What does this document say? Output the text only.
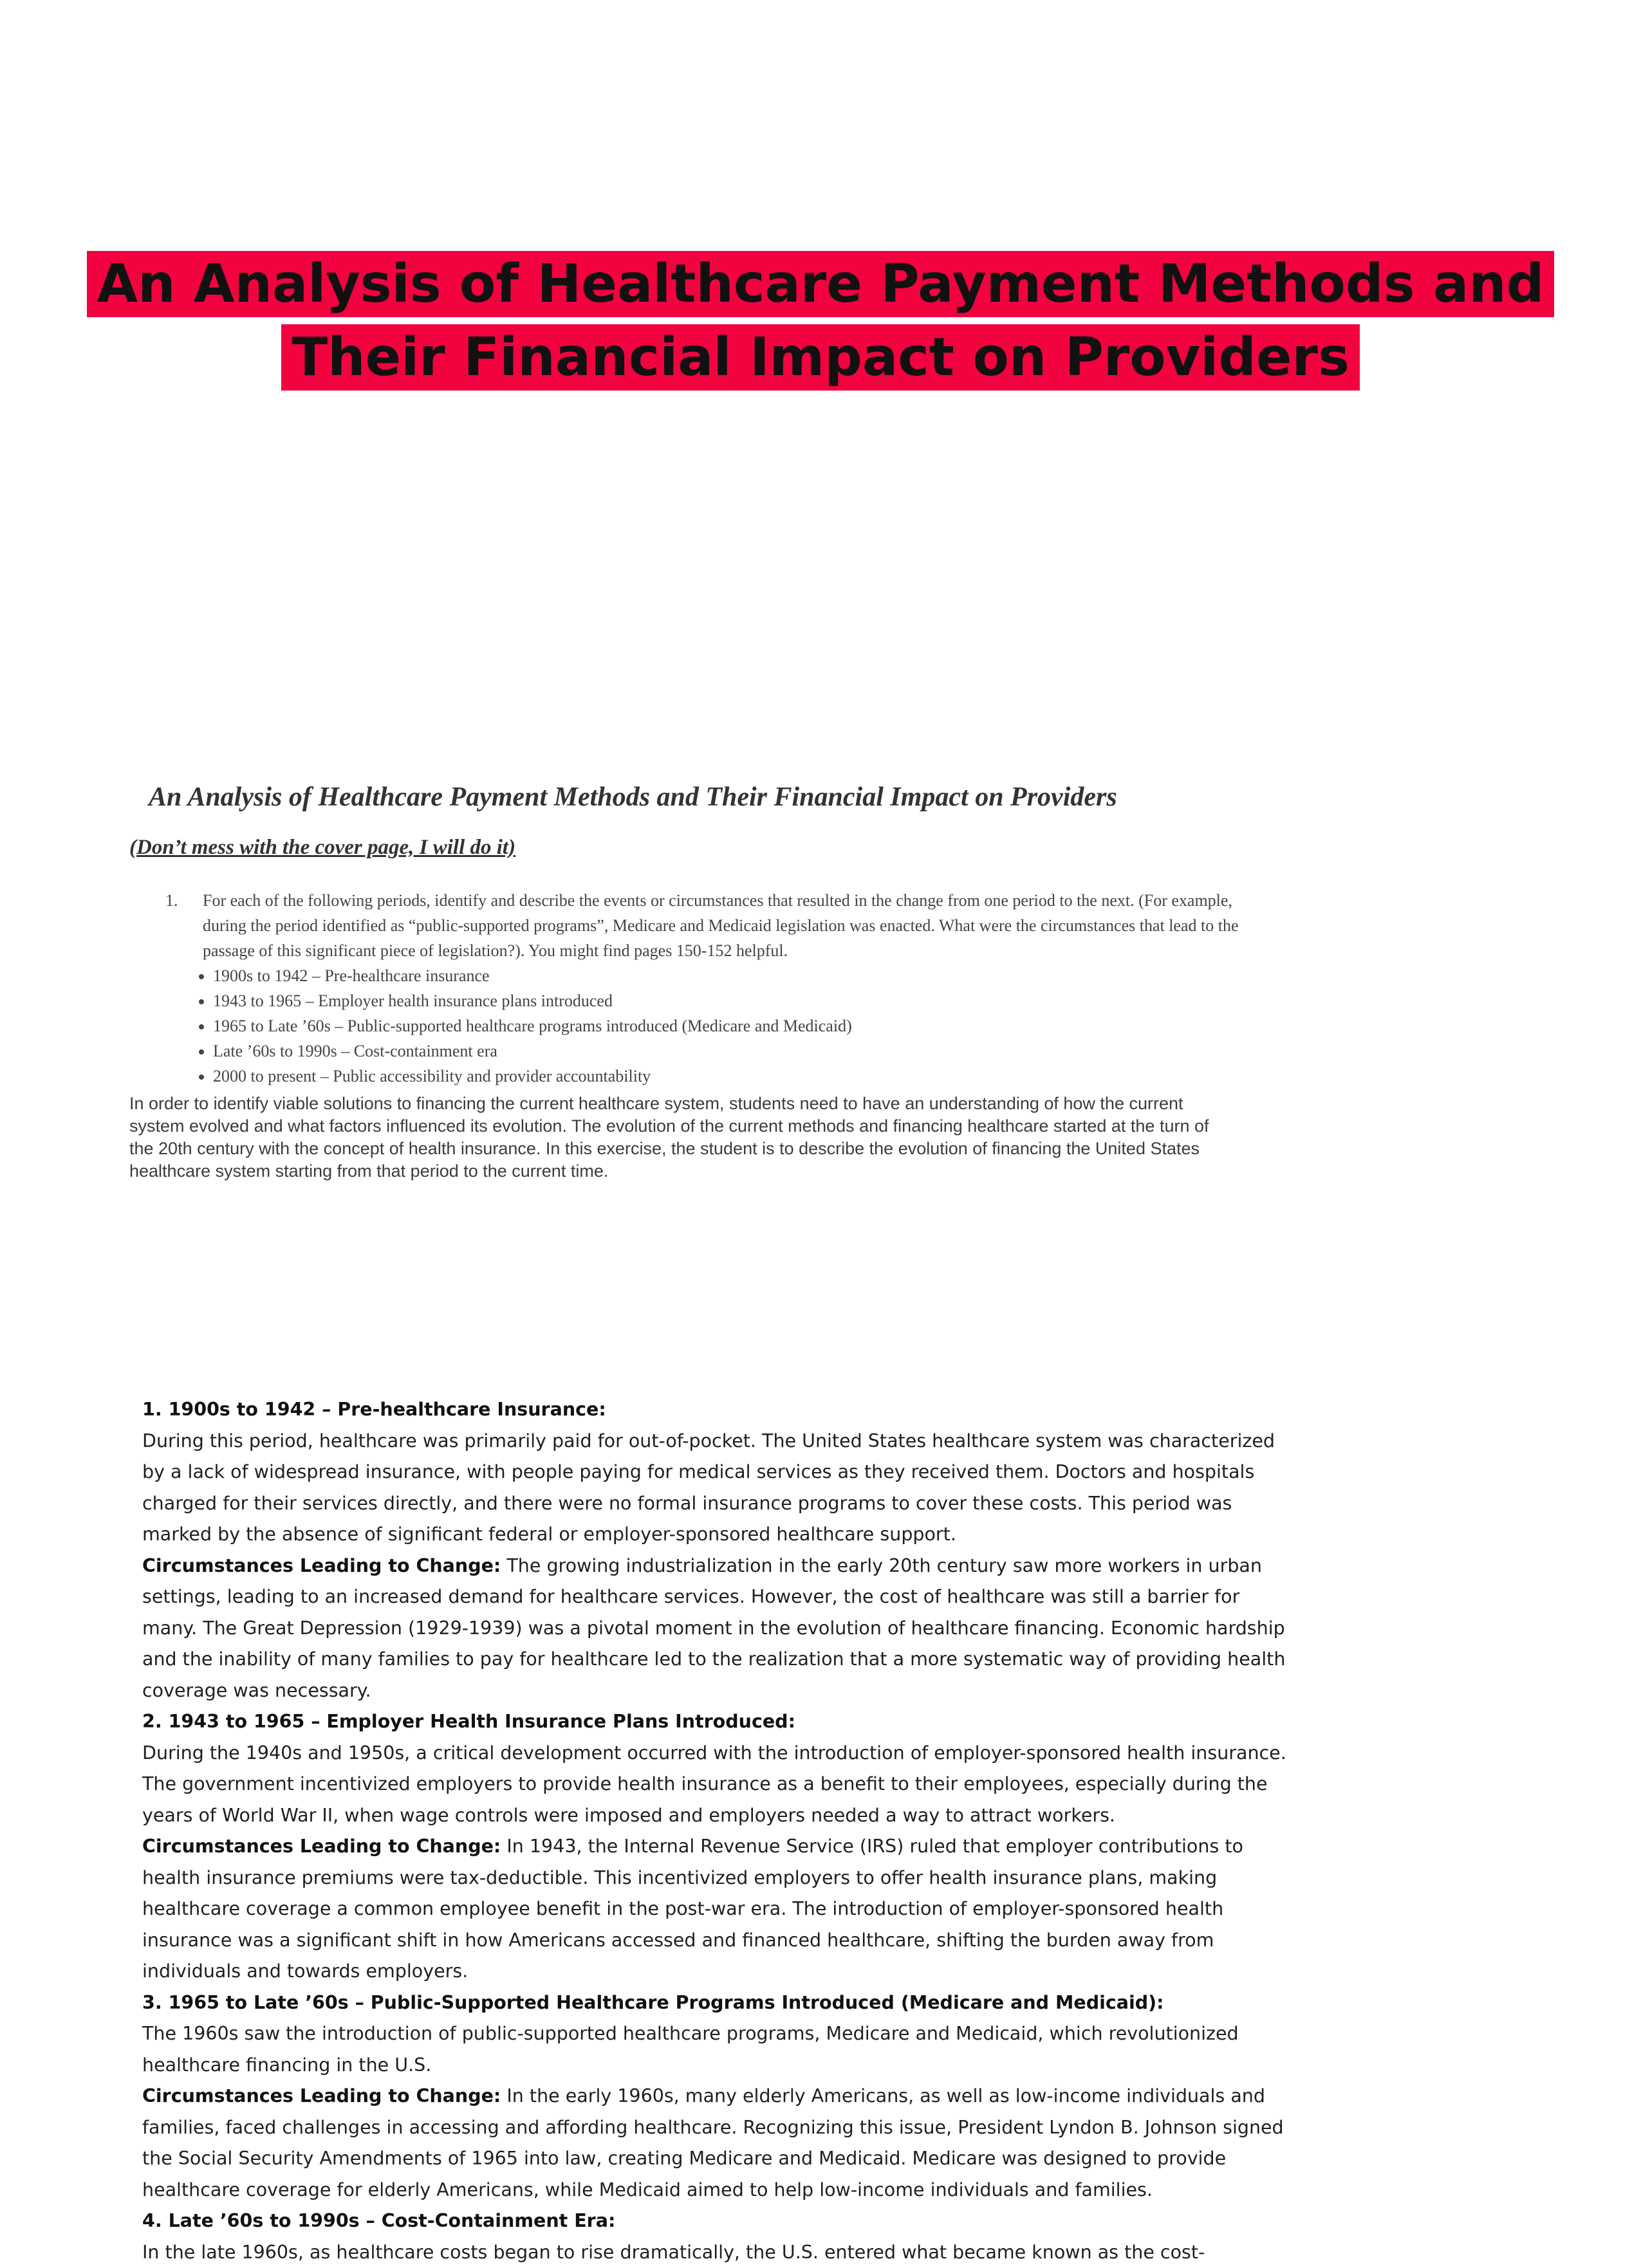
An Analysis of Healthcare Payment Methods and
Their Financial Impact on Providers
An Analysis of Healthcare Payment Methods and Their Financial Impact on Providers
(Don’t mess with the cover page, I will do it)
1. For each of the following periods, identify and describe the events or circumstances that resulted in the change from one period to the next. (For example, during the period identified as “public-supported programs”, Medicare and Medicaid legislation was enacted. What were the circumstances that lead to the passage of this significant piece of legislation?). You might find pages 150-152 helpful.
• 1900s to 1942 – Pre-healthcare insurance
• 1943 to 1965 – Employer health insurance plans introduced
• 1965 to Late ’60s – Public-supported healthcare programs introduced (Medicare and Medicaid)
• Late ’60s to 1990s – Cost-containment era
• 2000 to present – Public accessibility and provider accountability
In order to identify viable solutions to financing the current healthcare system, students need to have an understanding of how the current system evolved and what factors influenced its evolution. The evolution of the current methods and financing healthcare started at the turn of the 20th century with the concept of health insurance. In this exercise, the student is to describe the evolution of financing the United States healthcare system starting from that period to the current time.

1. 1900s to 1942 – Pre-healthcare Insurance:

During this period, healthcare was primarily paid for out-of-pocket. The United States healthcare system was characterized by a lack of widespread insurance, with people paying for medical services as they received them. Doctors and hospitals charged for their services directly, and there were no formal insurance programs to cover these costs. This period was marked by the absence of significant federal or employer-sponsored healthcare support.

Circumstances Leading to Change: The growing industrialization in the early 20th century saw more workers in urban settings, leading to an increased demand for healthcare services. However, the cost of healthcare was still a barrier for many. The Great Depression (1929-1939) was a pivotal moment in the evolution of healthcare financing. Economic hardship and the inability of many families to pay for healthcare led to the realization that a more systematic way of providing health coverage was necessary.

2. 1943 to 1965 – Employer Health Insurance Plans Introduced:

During the 1940s and 1950s, a critical development occurred with the introduction of employer-sponsored health insurance. The government incentivized employers to provide health insurance as a benefit to their employees, especially during the years of World War II, when wage controls were imposed and employers needed a way to attract workers.

Circumstances Leading to Change: In 1943, the Internal Revenue Service (IRS) ruled that employer contributions to health insurance premiums were tax-deductible. This incentivized employers to offer health insurance plans, making healthcare coverage a common employee benefit in the post-war era. The introduction of employer-sponsored health insurance was a significant shift in how Americans accessed and financed healthcare, shifting the burden away from individuals and towards employers.

3. 1965 to Late ’60s – Public-Supported Healthcare Programs Introduced (Medicare and Medicaid):

The 1960s saw the introduction of public-supported healthcare programs, Medicare and Medicaid, which revolutionized healthcare financing in the U.S.

Circumstances Leading to Change: In the early 1960s, many elderly Americans, as well as low-income individuals and families, faced challenges in accessing and affording healthcare. Recognizing this issue, President Lyndon B. Johnson signed the Social Security Amendments of 1965 into law, creating Medicare and Medicaid. Medicare was designed to provide healthcare coverage for elderly Americans, while Medicaid aimed to help low-income individuals and families.

4. Late ’60s to 1990s – Cost-Containment Era:

In the late 1960s, as healthcare costs began to rise dramatically, the U.S. entered what became known as the cost-
